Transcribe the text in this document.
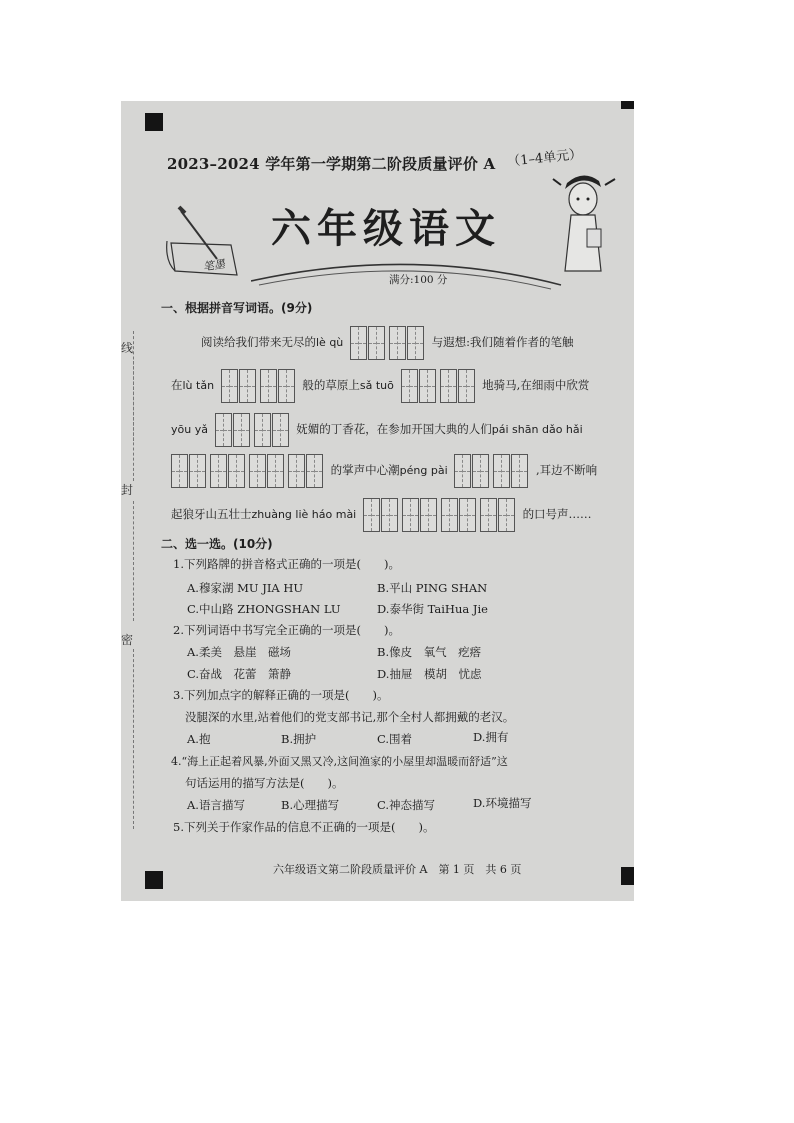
线
封
密
2023–2024 学年第一学期第二阶段质量评价 A （1–4单元）
笔墨
六年级语文
满分:100 分
一、根据拼音写词语。(9分)
阅读给我们带来无尽的lè qù	与遐想:我们随着作者的笔触
在lù tǎn	般的草原上sǎ tuō	地骑马,在细雨中欣赏
yōu yǎ	妩媚的丁香花，在参加开国大典的人们pái shān dǎo hǎi
的掌声中心潮péng pài	,耳边不断响
起狼牙山五壮士zhuàng liè háo mài	的口号声……
二、选一选。(10分)
1.下列路牌的拼音格式正确的一项是(　　)。
A.穆家湖 MU JIA HU	B.平山 PING SHAN
C.中山路 ZHONGSHAN LU	D.泰华街 TaiHua Jie
2.下列词语中书写完全正确的一项是(　　)。
A.柔美　悬崖　磁场	B.像皮　氧气　疙瘩
C.奋战　花蕾　箫静	D.抽屉　模胡　忧虑
3.下列加点字的解释正确的一项是(　　)。
没腿深的水里,站着他们的党支部书记,那个全村人都拥戴的老汉。
A.抱	B.拥护	C.围着	D.拥有
4.“海上正起着风暴,外面又黑又冷,这间渔家的小屋里却温暖而舒适”这
句话运用的描写方法是(　　)。
A.语言描写	B.心理描写	C.神态描写	D.环境描写
5.下列关于作家作品的信息不正确的一项是(　　)。
六年级语文第二阶段质量评价 A　第 1 页　共 6 页
